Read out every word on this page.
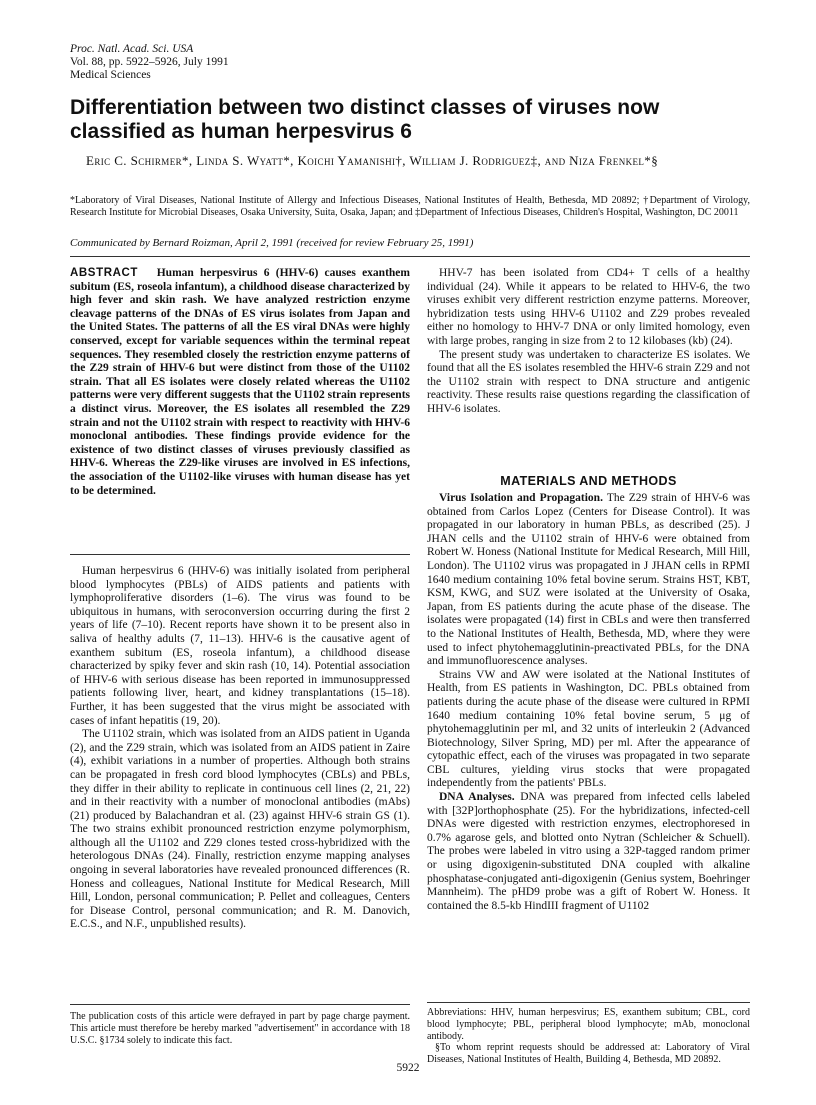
Proc. Natl. Acad. Sci. USA
Vol. 88, pp. 5922–5926, July 1991
Medical Sciences
Differentiation between two distinct classes of viruses now classified as human herpesvirus 6
Eric C. Schirmer*, Linda S. Wyatt*, Koichi Yamanishi†, William J. Rodriguez‡, and Niza Frenkel*§
*Laboratory of Viral Diseases, National Institute of Allergy and Infectious Diseases, National Institutes of Health, Bethesda, MD 20892; †Department of Virology, Research Institute for Microbial Diseases, Osaka University, Suita, Osaka, Japan; and ‡Department of Infectious Diseases, Children's Hospital, Washington, DC 20011
Communicated by Bernard Roizman, April 2, 1991 (received for review February 25, 1991)
ABSTRACT Human herpesvirus 6 (HHV-6) causes exanthem subitum (ES, roseola infantum), a childhood disease characterized by high fever and skin rash. We have analyzed restriction enzyme cleavage patterns of the DNAs of ES virus isolates from Japan and the United States. The patterns of all the ES viral DNAs were highly conserved, except for variable sequences within the terminal repeat sequences. They resembled closely the restriction enzyme patterns of the Z29 strain of HHV-6 but were distinct from those of the U1102 strain. That all ES isolates were closely related whereas the U1102 patterns were very different suggests that the U1102 strain represents a distinct virus. Moreover, the ES isolates all resembled the Z29 strain and not the U1102 strain with respect to reactivity with HHV-6 monoclonal antibodies. These findings provide evidence for the existence of two distinct classes of viruses previously classified as HHV-6. Whereas the Z29-like viruses are involved in ES infections, the association of the U1102-like viruses with human disease has yet to be determined.

Human herpesvirus 6 (HHV-6) was initially isolated from peripheral blood lymphocytes (PBLs) of AIDS patients and patients with lymphoproliferative disorders (1–6). The virus was found to be ubiquitous in humans, with seroconversion occurring during the first 2 years of life (7–10). Recent reports have shown it to be present also in saliva of healthy adults (7, 11–13). HHV-6 is the causative agent of exanthem subitum (ES, roseola infantum), a childhood disease characterized by spiky fever and skin rash (10, 14). Potential association of HHV-6 with serious disease has been reported in immunosuppressed patients following liver, heart, and kidney transplantations (15–18). Further, it has been suggested that the virus might be associated with cases of infant hepatitis (19, 20).

The U1102 strain, which was isolated from an AIDS patient in Uganda (2), and the Z29 strain, which was isolated from an AIDS patient in Zaire (4), exhibit variations in a number of properties. Although both strains can be propagated in fresh cord blood lymphocytes (CBLs) and PBLs, they differ in their ability to replicate in continuous cell lines (2, 21, 22) and in their reactivity with a number of monoclonal antibodies (mAbs) (21) produced by Balachandran et al. (23) against HHV-6 strain GS (1). The two strains exhibit pronounced restriction enzyme polymorphism, although all the U1102 and Z29 clones tested cross-hybridized with the heterologous DNAs (24). Finally, restriction enzyme mapping analyses ongoing in several laboratories have revealed pronounced differences (R. Honess and colleagues, National Institute for Medical Research, Mill Hill, London, personal communication; P. Pellet and colleagues, Centers for Disease Control, personal communication; and R. M. Danovich, E.C.S., and N.F., unpublished results).

The publication costs of this article were defrayed in part by page charge payment. This article must therefore be hereby marked "advertisement" in accordance with 18 U.S.C. §1734 solely to indicate this fact.

HHV-7 has been isolated from CD4+ T cells of a healthy individual (24). While it appears to be related to HHV-6, the two viruses exhibit very different restriction enzyme patterns. Moreover, hybridization tests using HHV-6 U1102 and Z29 probes revealed either no homology to HHV-7 DNA or only limited homology, even with large probes, ranging in size from 2 to 12 kilobases (kb) (24).

The present study was undertaken to characterize ES isolates. We found that all the ES isolates resembled the HHV-6 strain Z29 and not the U1102 strain with respect to DNA structure and antigenic reactivity. These results raise questions regarding the classification of HHV-6 isolates.

MATERIALS AND METHODS

Virus Isolation and Propagation. The Z29 strain of HHV-6 was obtained from Carlos Lopez (Centers for Disease Control). It was propagated in our laboratory in human PBLs, as described (25). J JHAN cells and the U1102 strain of HHV-6 were obtained from Robert W. Honess (National Institute for Medical Research, Mill Hill, London). The U1102 virus was propagated in J JHAN cells in RPMI 1640 medium containing 10% fetal bovine serum. Strains HST, KBT, KSM, KWG, and SUZ were isolated at the University of Osaka, Japan, from ES patients during the acute phase of the disease. The isolates were propagated (14) first in CBLs and were then transferred to the National Institutes of Health, Bethesda, MD, where they were used to infect phytohemagglutinin-preactivated PBLs, for the DNA and immunofluorescence analyses.

Strains VW and AW were isolated at the National Institutes of Health, from ES patients in Washington, DC. PBLs obtained from patients during the acute phase of the disease were cultured in RPMI 1640 medium containing 10% fetal bovine serum, 5 μg of phytohemagglutinin per ml, and 32 units of interleukin 2 (Advanced Biotechnology, Silver Spring, MD) per ml. After the appearance of cytopathic effect, each of the viruses was propagated in two separate CBL cultures, yielding virus stocks that were propagated independently from the patients' PBLs.

DNA Analyses. DNA was prepared from infected cells labeled with [32P]orthophosphate (25). For the hybridizations, infected-cell DNAs were digested with restriction enzymes, electrophoresed in 0.7% agarose gels, and blotted onto Nytran (Schleicher & Schuell). The probes were labeled in vitro using a 32P-tagged random primer or using digoxigenin-substituted DNA coupled with alkaline phosphatase-conjugated anti-digoxigenin (Genius system, Boehringer Mannheim). The pHD9 probe was a gift of Robert W. Honess. It contained the 8.5-kb HindIII fragment of U1102

Abbreviations: HHV, human herpesvirus; ES, exanthem subitum; CBL, cord blood lymphocyte; PBL, peripheral blood lymphocyte; mAb, monoclonal antibody.
§To whom reprint requests should be addressed at: Laboratory of Viral Diseases, National Institutes of Health, Building 4, Bethesda, MD 20892.
5922
